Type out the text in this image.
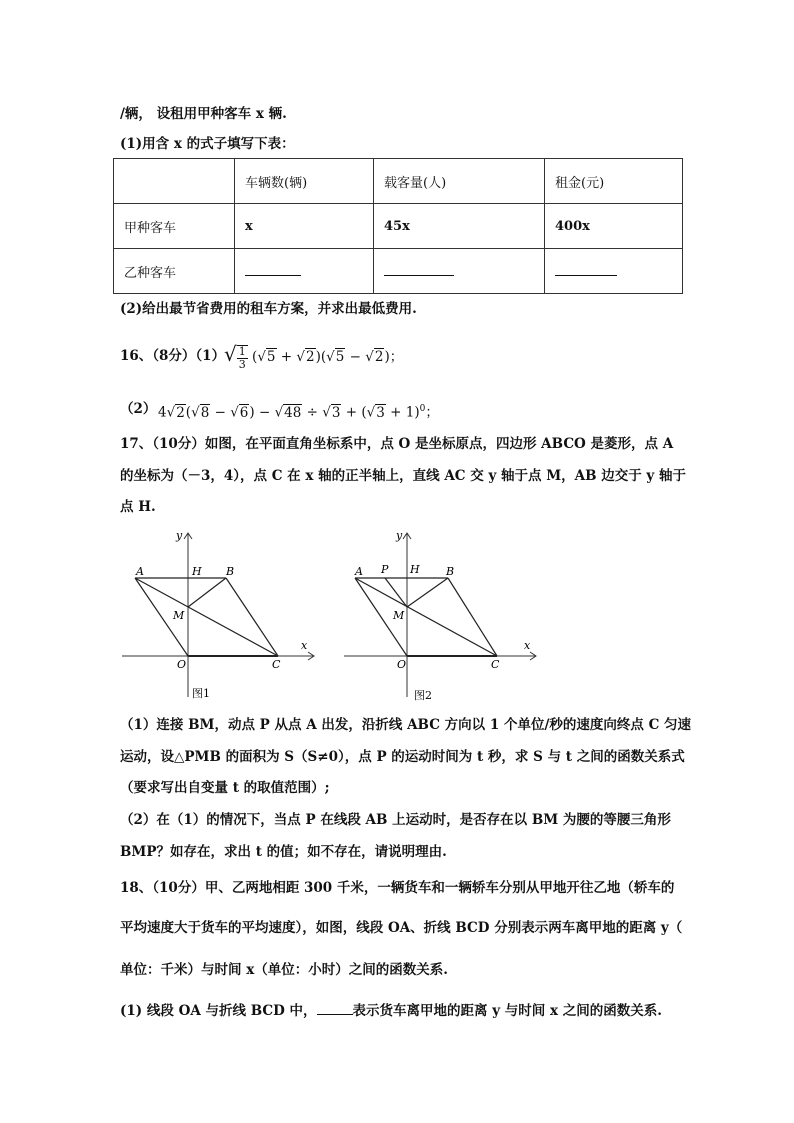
/辆， 设租用甲种客车 x 辆.
(1)用含 x 的式子填写下表：
	车辆数(辆)	载客量(人)	租金(元)
甲种客车	x	45x	400x
乙种客车			
(2)给出最节省费用的租车方案，并求出最低费用.
16、（8分）（1）
√ $\frac{1}{3} (√5 + √2)(√5 - √2)$；
（2） $4√2(√8 - √6) - √48 \div √3 + (√3 + 1)^0$；
17、（10分）如图，在平面直角坐标系中，点 O 是坐标原点，四边形 ABCO 是菱形，点 A
的坐标为（－3，4），点 C 在 x 轴的正半轴上，直线 AC 交 y 轴于点 M，AB 边交于 y 轴于
点 H.
A	H B
M
O	C
x
y
图1
A P H B
M
O	C
x
y
图2
（1）连接 BM，动点 P 从点 A 出发，沿折线 ABC 方向以 1 个单位/秒的速度向终点 C 匀速
运动，设△PMB 的面积为 S（S≠0），点 P 的运动时间为 t 秒，求 S 与 t 之间的函数关系式
（要求写出自变量 t 的取值范围）;
（2）在（1）的情况下，当点 P 在线段 AB 上运动时，是否存在以 BM 为腰的等腰三角形
BMP？如存在，求出 t 的值；如不存在，请说明理由.
18、（10分）甲、乙两地相距 300 千米，一辆货车和一辆轿车分别从甲地开往乙地（轿车的
平均速度大于货车的平均速度），如图，线段 OA、折线 BCD 分别表示两车离甲地的距离 y（
单位：千米）与时间 x（单位：小时）之间的函数关系.
(1) 线段 OA 与折线 BCD 中，	表示货车离甲地的距离 y 与时间 x 之间的函数关系.
